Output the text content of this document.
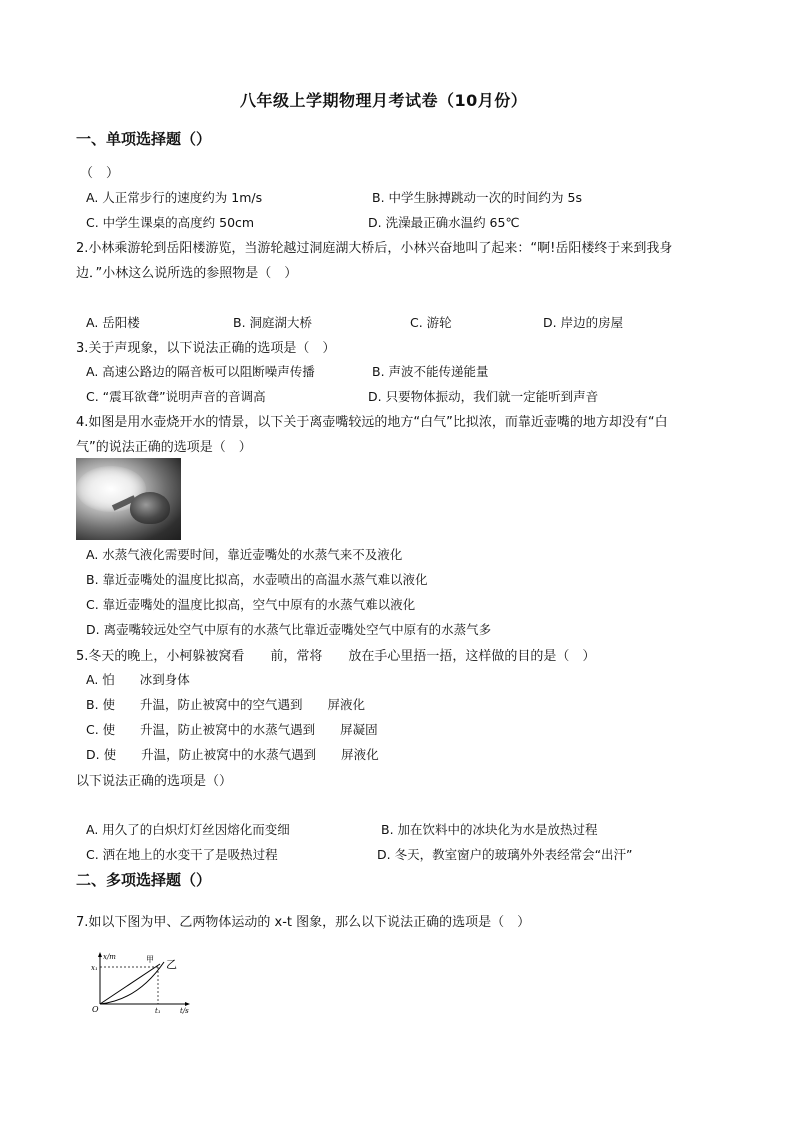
八年级上学期物理月考试卷（10月份）
一、单项选择题（）
（　）
A. 人正常步行的速度约为 1m/s	B. 中学生脉搏跳动一次的时间约为 5s
C. 中学生课桌的高度约 50cm	D. 洗澡最正确水温约 65℃
2.小林乘游轮到岳阳楼游览，当游轮越过洞庭湖大桥后，小林兴奋地叫了起来：“啊!岳阳楼终于来到我身
边．”小林这么说所选的参照物是（　）
A. 岳阳楼	B. 洞庭湖大桥	C. 游轮	D. 岸边的房屋
3.关于声现象，以下说法正确的选项是（　）
A. 高速公路边的隔音板可以阻断噪声传播	B. 声波不能传递能量
C. “震耳欲聋”说明声音的音调高	D. 只要物体振动，我们就一定能听到声音
4.如图是用水壶烧开水的情景，以下关于离壶嘴较远的地方“白气”比拟浓，而靠近壶嘴的地方却没有“白
气”的说法正确的选项是（　）
A. 水蒸气液化需要时间，靠近壶嘴处的水蒸气来不及液化
B. 靠近壶嘴处的温度比拟高，水壶喷出的高温水蒸气难以液化
C. 靠近壶嘴处的温度比拟高，空气中原有的水蒸气难以液化
D. 离壶嘴较远处空气中原有的水蒸气比靠近壶嘴处空气中原有的水蒸气多
5.冬天的晚上，小柯躲被窝看　　前，常将　　放在手心里捂一捂，这样做的目的是（　）
A. 怕　　冰到身体
B. 使　　升温，防止被窝中的空气遇到　　屏液化
C. 使　　升温，防止被窝中的水蒸气遇到　　屏凝固
D. 使　　升温，防止被窝中的水蒸气遇到　　屏液化
以下说法正确的选项是（）
A. 用久了的白炽灯灯丝因熔化而变细	B. 加在饮料中的冰块化为水是放热过程
C. 洒在地上的水变干了是吸热过程	D. 冬天，教室窗户的玻璃外外表经常会“出汗”
二、多项选择题（）
7.如以下图为甲、乙两物体运动的 x-t 图象，那么以下说法正确的选项是（　）
x/m
x₁
O	t₁	t/s
甲 乙
